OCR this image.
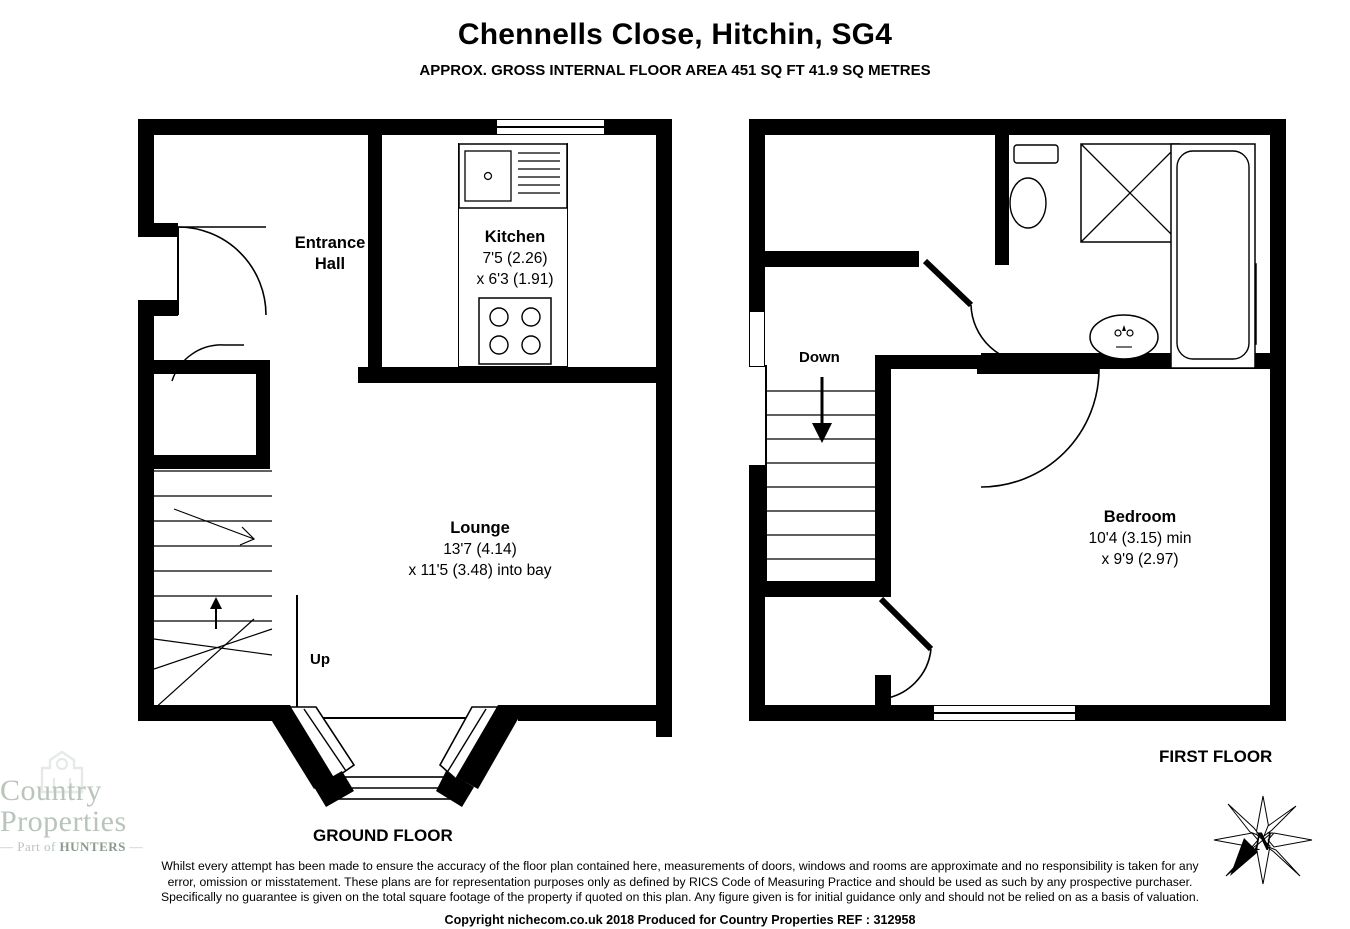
Chennells Close, Hitchin, SG4
APPROX. GROSS INTERNAL FLOOR AREA 451 SQ FT 41.9 SQ METRES
Entrance
Hall
Kitchen
7'5 (2.26)
x 6'3 (1.91)
Lounge
13'7 (4.14)
x 11'5 (3.48) into bay
Up
GROUND FLOOR
Down
Bedroom
10'4 (3.15) min
x 9'9 (2.97)
FIRST FLOOR
Country
Properties
— Part of HUNTERS —	N
Whilst every attempt has been made to ensure the accuracy of the floor plan contained here, measurements of doors, windows and rooms are approximate and no responsibility is taken for any
error, omission or misstatement. These plans are for representation purposes only as defined by RICS Code of Measuring Practice and should be used as such by any prospective purchaser.
Specifically no guarantee is given on the total square footage of the property if quoted on this plan. Any figure given is for initial guidance only and should not be relied on as a basis of valuation.
Copyright nichecom.co.uk 2018 Produced for Country Properties REF : 312958
